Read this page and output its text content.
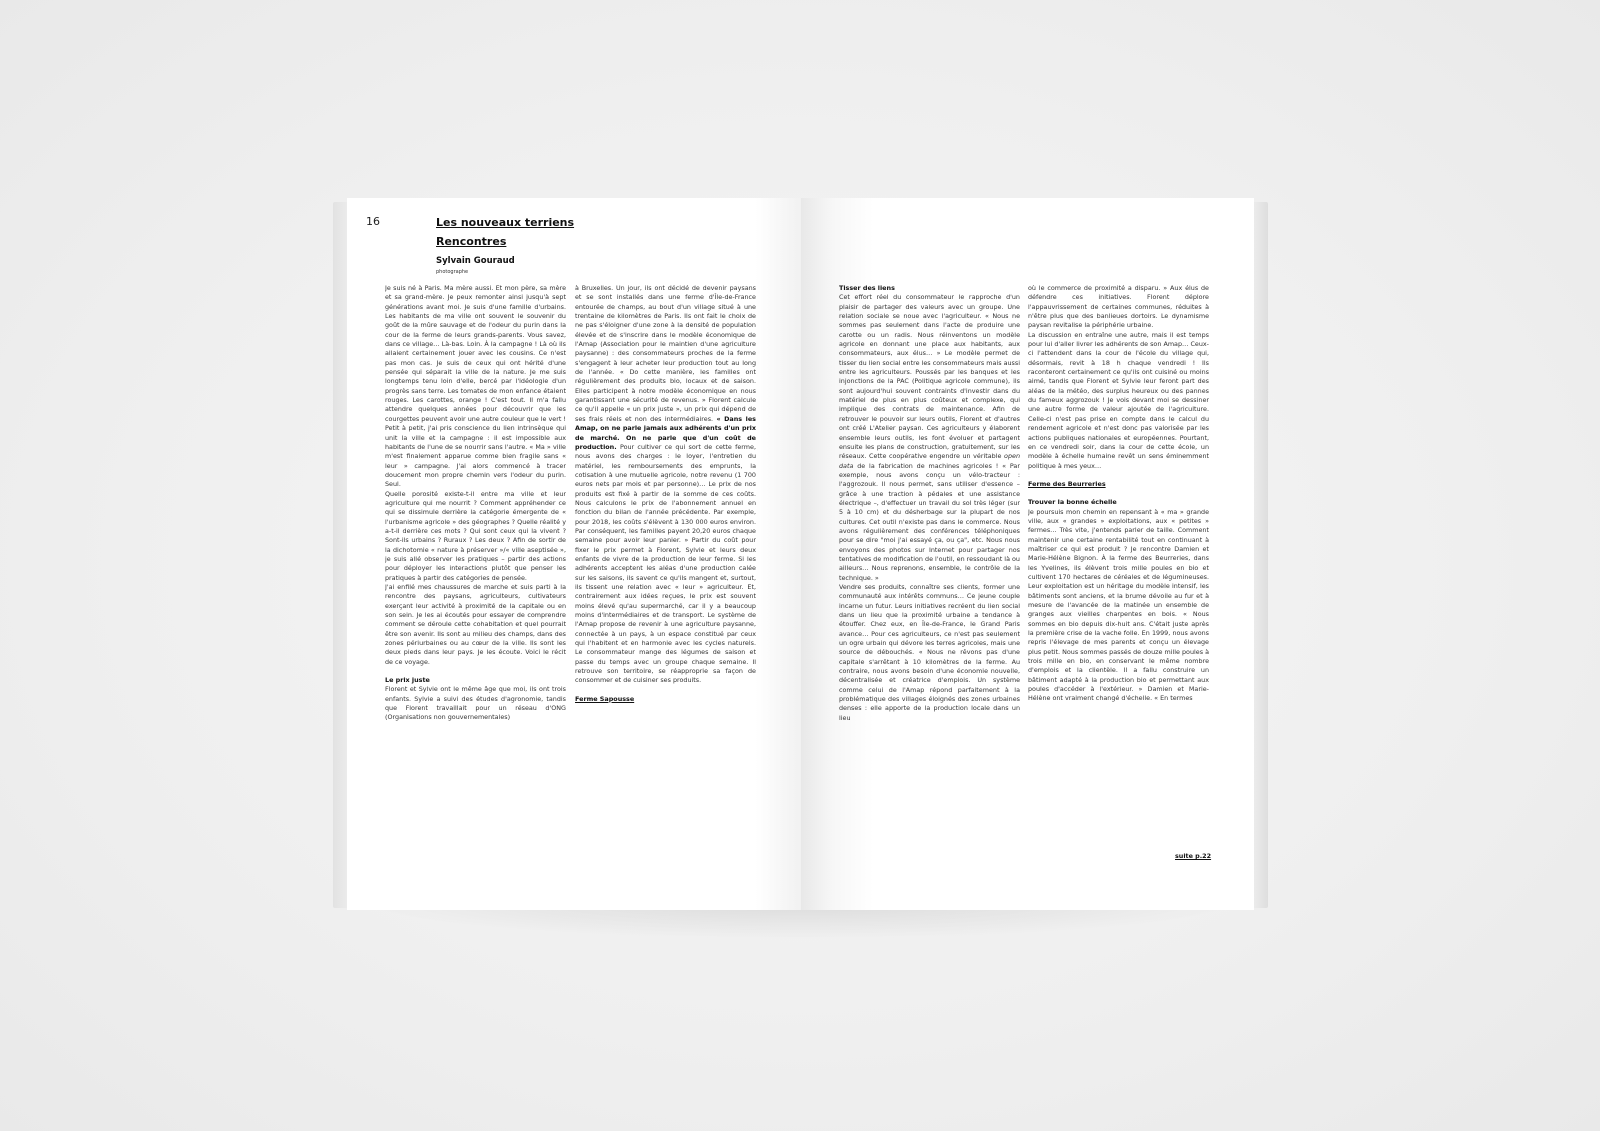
16	Les nouveaux terriens
Rencontres
Sylvain Gouraud
photographe

Je suis né à Paris. Ma mère aussi. Et mon père, sa mère et sa grand-mère. Je peux remonter ainsi jusqu'à sept générations avant moi. Je suis d'une famille d'urbains. Les habitants de ma ville ont souvent le souvenir du goût de la mûre sauvage et de l'odeur du purin dans la cour de la ferme de leurs grands-parents. Vous savez, dans ce village… Là-bas. Loin. À la campagne ! Là où ils allaient certainement jouer avec les cousins. Ce n'est pas mon cas. Je suis de ceux qui ont hérité d'une pensée qui séparait la ville de la nature. Je me suis longtemps tenu loin d'elle, bercé par l'idéologie d'un progrès sans terre. Les tomates de mon enfance étaient rouges. Les carottes, orange ! C'est tout. Il m'a fallu attendre quelques années pour découvrir que les courgettes peuvent avoir une autre couleur que le vert ! Petit à petit, j'ai pris conscience du lien intrinsèque qui unit la ville et la campagne : il est impossible aux habitants de l'une de se nourrir sans l'autre. « Ma » ville m'est finalement apparue comme bien fragile sans « leur » campagne. J'ai alors commencé à tracer doucement mon propre chemin vers l'odeur du purin. Seul.

Quelle porosité existe-t-il entre ma ville et leur agriculture qui me nourrit ? Comment appréhender ce qui se dissimule derrière la catégorie émergente de « l'urbanisme agricole » des géographes ? Quelle réalité y a-t-il derrière ces mots ? Qui sont ceux qui la vivent ? Sont-ils urbains ? Ruraux ? Les deux ? Afin de sortir de la dichotomie « nature à préserver »/« ville aseptisée », je suis allé observer les pratiques – partir des actions pour déployer les interactions plutôt que penser les pratiques à partir des catégories de pensée.

J'ai enfilé mes chaussures de marche et suis parti à la rencontre des paysans, agriculteurs, cultivateurs exerçant leur activité à proximité de la capitale ou en son sein. Je les ai écoutés pour essayer de comprendre comment se déroule cette cohabitation et quel pourrait être son avenir. Ils sont au milieu des champs, dans des zones périurbaines ou au cœur de la ville. Ils sont les deux pieds dans leur pays. Je les écoute. Voici le récit de ce voyage.

Le prix juste

Florent et Sylvie ont le même âge que moi, ils ont trois enfants. Sylvie a suivi des études d'agronomie, tandis que Florent travaillait pour un réseau d'ONG (Organisations non gouvernementales)

à Bruxelles. Un jour, ils ont décidé de devenir paysans et se sont installés dans une ferme d'Île-de-France entourée de champs, au bout d'un village situé à une trentaine de kilomètres de Paris. Ils ont fait le choix de ne pas s'éloigner d'une zone à la densité de population élevée et de s'inscrire dans le modèle économique de l'Amap (Association pour le maintien d'une agriculture paysanne) : des consommateurs proches de la ferme s'engagent à leur acheter leur production tout au long de l'année. « Do cette manière, les familles ont régulièrement des produits bio, locaux et de saison. Elles participent à notre modèle économique en nous garantissant une sécurité de revenus. » Florent calcule ce qu'il appelle « un prix juste », un prix qui dépend de ses frais réels et non des intermédiaires. « Dans les Amap, on ne parle jamais aux adhérents d'un prix de marché. On ne parle que d'un coût de production. Pour cultiver ce qui sort de cette ferme, nous avons des charges : le loyer, l'entretien du matériel, les remboursements des emprunts, la cotisation à une mutuelle agricole, notre revenu (1 700 euros nets par mois et par personne)… Le prix de nos produits est fixé à partir de la somme de ces coûts. Nous calculons le prix de l'abonnement annuel en fonction du bilan de l'année précédente. Par exemple, pour 2018, les coûts s'élèvent à 130 000 euros environ. Par conséquent, les familles payent 20,20 euros chaque semaine pour avoir leur panier. » Partir du coût pour fixer le prix permet à Florent, Sylvie et leurs deux enfants de vivre de la production de leur ferme. Si les adhérents acceptent les aléas d'une production calée sur les saisons, ils savent ce qu'ils mangent et, surtout, ils tissent une relation avec « leur » agriculteur. Et, contrairement aux idées reçues, le prix est souvent moins élevé qu'au supermarché, car il y a beaucoup moins d'intermédiaires et de transport. Le système de l'Amap propose de revenir à une agriculture paysanne, connectée à un pays, à un espace constitué par ceux qui l'habitent et en harmonie avec les cycles naturels. Le consommateur mange des légumes de saison et passe du temps avec un groupe chaque semaine. Il retrouve son territoire, se réapproprie sa façon de consommer et de cuisiner ses produits.

Ferme Sapousse

Tisser des liens

Cet effort réel du consommateur le rapproche d'un plaisir de partager des valeurs avec un groupe. Une relation sociale se noue avec l'agriculteur. « Nous ne sommes pas seulement dans l'acte de produire une carotte ou un radis. Nous réinventons un modèle agricole en donnant une place aux habitants, aux consommateurs, aux élus… » Le modèle permet de tisser du lien social entre les consommateurs mais aussi entre les agriculteurs. Poussés par les banques et les injonctions de la PAC (Politique agricole commune), ils sont aujourd'hui souvent contraints d'investir dans du matériel de plus en plus coûteux et complexe, qui implique des contrats de maintenance. Afin de retrouver le pouvoir sur leurs outils, Florent et d'autres ont créé L'Atelier paysan. Ces agriculteurs y élaborent ensemble leurs outils, les font évoluer et partagent ensuite les plans de construction, gratuitement, sur les réseaux. Cette coopérative engendre un véritable open data de la fabrication de machines agricoles ! « Par exemple, nous avons conçu un vélo-tracteur : l'aggrozouk. Il nous permet, sans utiliser d'essence – grâce à une traction à pédales et une assistance électrique –, d'effectuer un travail du sol très léger (sur 5 à 10 cm) et du désherbage sur la plupart de nos cultures. Cet outil n'existe pas dans le commerce. Nous avons régulièrement des conférences téléphoniques pour se dire "moi j'ai essayé ça, ou ça", etc. Nous nous envoyons des photos sur Internet pour partager nos tentatives de modification de l'outil, en ressoudant là ou ailleurs… Nous reprenons, ensemble, le contrôle de la technique. »

Vendre ses produits, connaître ses clients, former une communauté aux intérêts communs… Ce jeune couple incarne un futur. Leurs initiatives recréent du lien social dans un lieu que la proximité urbaine a tendance à étouffer. Chez eux, en Île-de-France, le Grand Paris avance… Pour ces agriculteurs, ce n'est pas seulement un ogre urbain qui dévore les terres agricoles, mais une source de débouchés. « Nous ne rêvons pas d'une capitale s'arrêtant à 10 kilomètres de la ferme. Au contraire, nous avons besoin d'une économie nouvelle, décentralisée et créatrice d'emplois. Un système comme celui de l'Amap répond parfaitement à la problématique des villages éloignés des zones urbaines denses : elle apporte de la production locale dans un lieu

où le commerce de proximité a disparu. » Aux élus de défendre ces initiatives. Florent déplore l'appauvrissement de certaines communes, réduites à n'être plus que des banlieues dortoirs. Le dynamisme paysan revitalise la périphérie urbaine.

La discussion en entraîne une autre, mais il est temps pour lui d'aller livrer les adhérents de son Amap… Ceux-ci l'attendent dans la cour de l'école du village qui, désormais, revit à 18 h chaque vendredi ! Ils raconteront certainement ce qu'ils ont cuisiné ou moins aimé, tandis que Florent et Sylvie leur feront part des aléas de la météo, des surplus heureux ou des pannes du fameux aggrozouk ! Je vois devant moi se dessiner une autre forme de valeur ajoutée de l'agriculture. Celle-ci n'est pas prise en compte dans le calcul du rendement agricole et n'est donc pas valorisée par les actions publiques nationales et européennes. Pourtant, en ce vendredi soir, dans la cour de cette école, un modèle à échelle humaine revêt un sens éminemment politique à mes yeux…

Ferme des Beurreries

Trouver la bonne échelle

Je poursuis mon chemin en repensant à « ma » grande ville, aux « grandes » exploitations, aux « petites » fermes… Très vite, j'entends parler de taille. Comment maintenir une certaine rentabilité tout en continuant à maîtriser ce qui est produit ? Je rencontre Damien et Marie-Hélène Bignon. À la ferme des Beurreries, dans les Yvelines, ils élèvent trois mille poules en bio et cultivent 170 hectares de céréales et de légumineuses. Leur exploitation est un héritage du modèle intensif, les bâtiments sont anciens, et la brume dévoile au fur et à mesure de l'avancée de la matinée un ensemble de granges aux vieilles charpentes en bois. « Nous sommes en bio depuis dix-huit ans. C'était juste après la première crise de la vache folle. En 1999, nous avons repris l'élevage de mes parents et conçu un élevage plus petit. Nous sommes passés de douze mille poules à trois mille en bio, en conservant le même nombre d'emplois et la clientèle. Il a fallu construire un bâtiment adapté à la production bio et permettant aux poules d'accéder à l'extérieur. » Damien et Marie-Hélène ont vraiment changé d'échelle. « En termes

suite p.22
